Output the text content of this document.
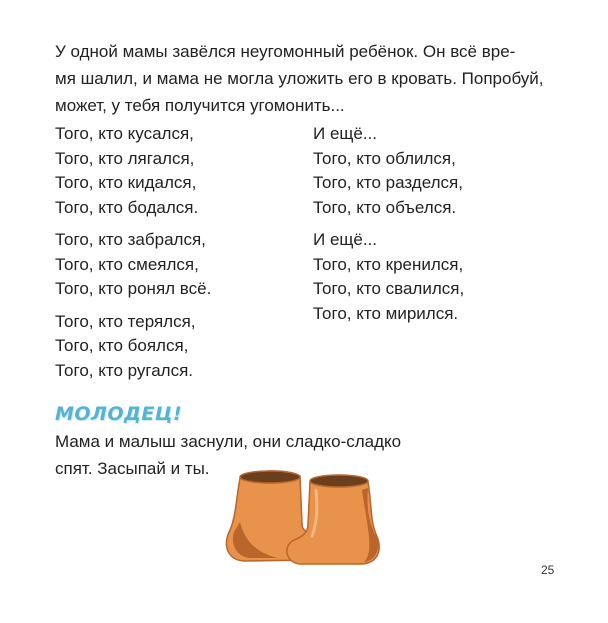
У одной мамы завёлся неугомонный ребёнок. Он всё вре-
мя шалил, и мама не могла уложить его в кровать. Попробуй,
может, у тебя получится угомонить...
Того, кто кусался,
Того, кто лягался,
Того, кто кидался,
Того, кто бодался.
Того, кто забрался,
Того, кто смеялся,
Того, кто ронял всё.
Того, кто терялся,
Того, кто боялся,
Того, кто ругался.
И ещё...
Того, кто облился,
Того, кто разделся,
Того, кто объелся.
И ещё...
Того, кто кренился,
Того, кто свалился,
Того, кто мирился.
МОЛОДЕЦ!
Мама и малыш заснули, они сладко-сладко
спят. Засыпай и ты.
25
